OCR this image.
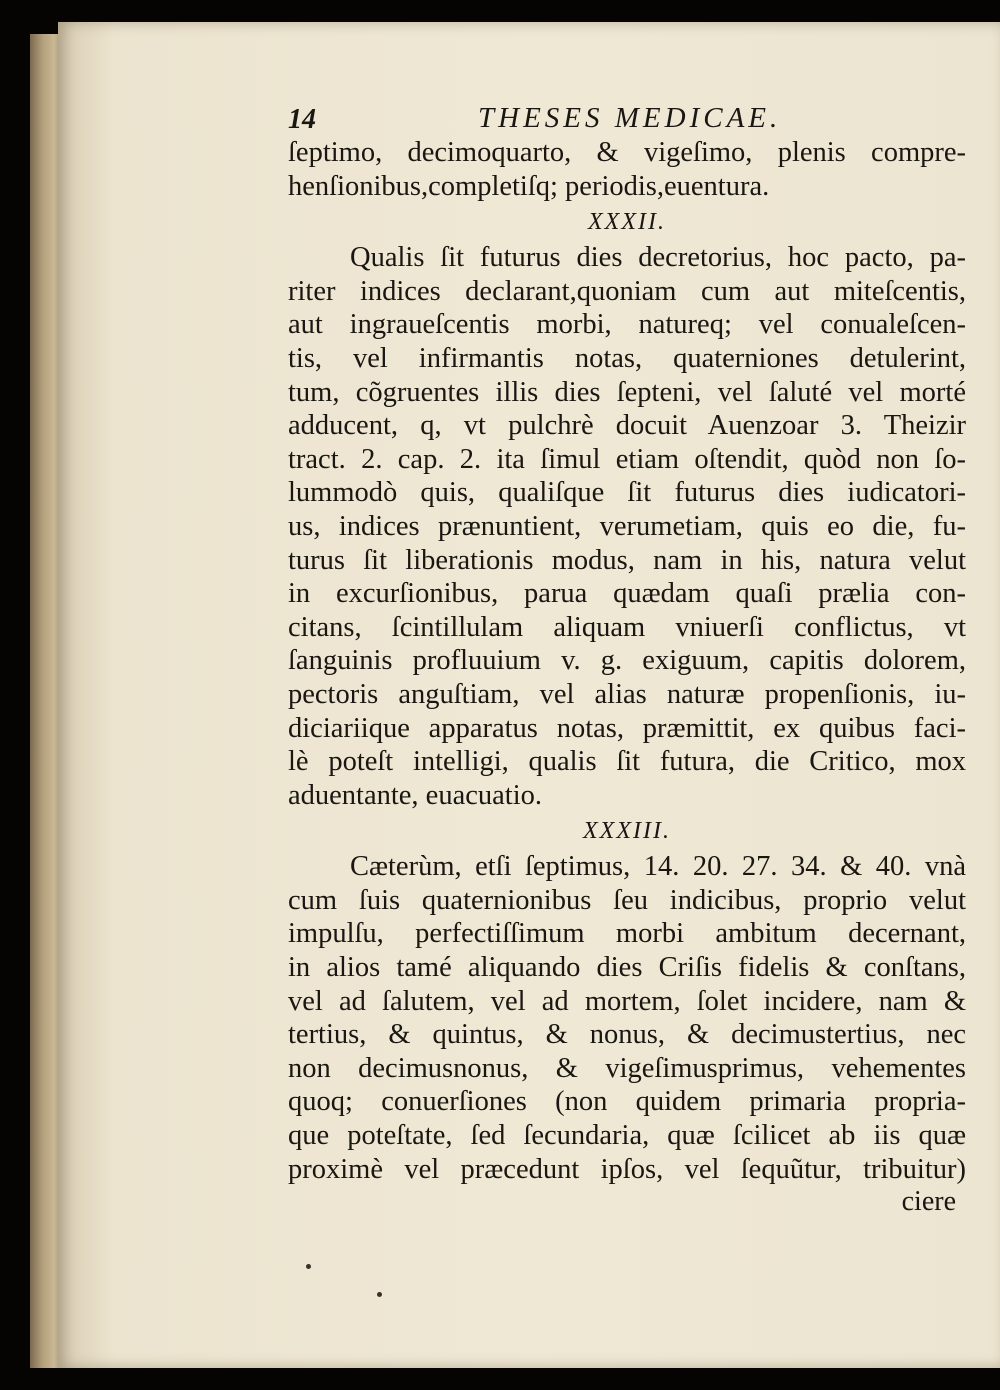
14	THESES MEDICAE.
ſeptimo, decimoquarto, & vigeſimo, plenis compre-
henſionibus,completiſq; periodis,euentura.
XXXII.
Qualis ſit futurus dies decretorius, hoc pacto, pa-
riter indices declarant,quoniam cum aut miteſcentis,
aut ingraueſcentis morbi, natureq; vel conualeſcen-
tis, vel infirmantis notas, quaterniones detulerint,
tum, cõgruentes illis dies ſepteni, vel ſaluté vel morté
adducent, q, vt pulchrè docuit Auenzoar 3. Theizir
tract. 2. cap. 2. ita ſimul etiam oſtendit, quòd non ſo-
lummodò quis, qualiſque ſit futurus dies iudicatori-
us, indices prænuntient, verumetiam, quis eo die, fu-
turus ſit liberationis modus, nam in his, natura velut
in excurſionibus, parua quædam quaſi prælia con-
citans, ſcintillulam aliquam vniuerſi conflictus, vt
ſanguinis profluuium v. g. exiguum, capitis dolorem,
pectoris anguſtiam, vel alias naturæ propenſionis, iu-
diciariique apparatus notas, præmittit, ex quibus faci-
lè poteſt intelligi, qualis ſit futura, die Critico, mox
aduentante, euacuatio.
XXXIII.
Cæterùm, etſi ſeptimus, 14. 20. 27. 34. & 40. vnà
cum ſuis quaternionibus ſeu indicibus, proprio velut
impulſu, perfectiſſimum morbi ambitum decernant,
in alios tamé aliquando dies Criſis fidelis & conſtans,
vel ad ſalutem, vel ad mortem, ſolet incidere, nam &
tertius, & quintus, & nonus, & decimustertius, nec
non decimusnonus, & vigeſimusprimus, vehementes
quoq; conuerſiones (non quidem primaria propria-
que poteſtate, ſed ſecundaria, quæ ſcilicet ab iis quæ
proximè vel præcedunt ipſos, vel ſequũtur, tribuitur)
ciere
